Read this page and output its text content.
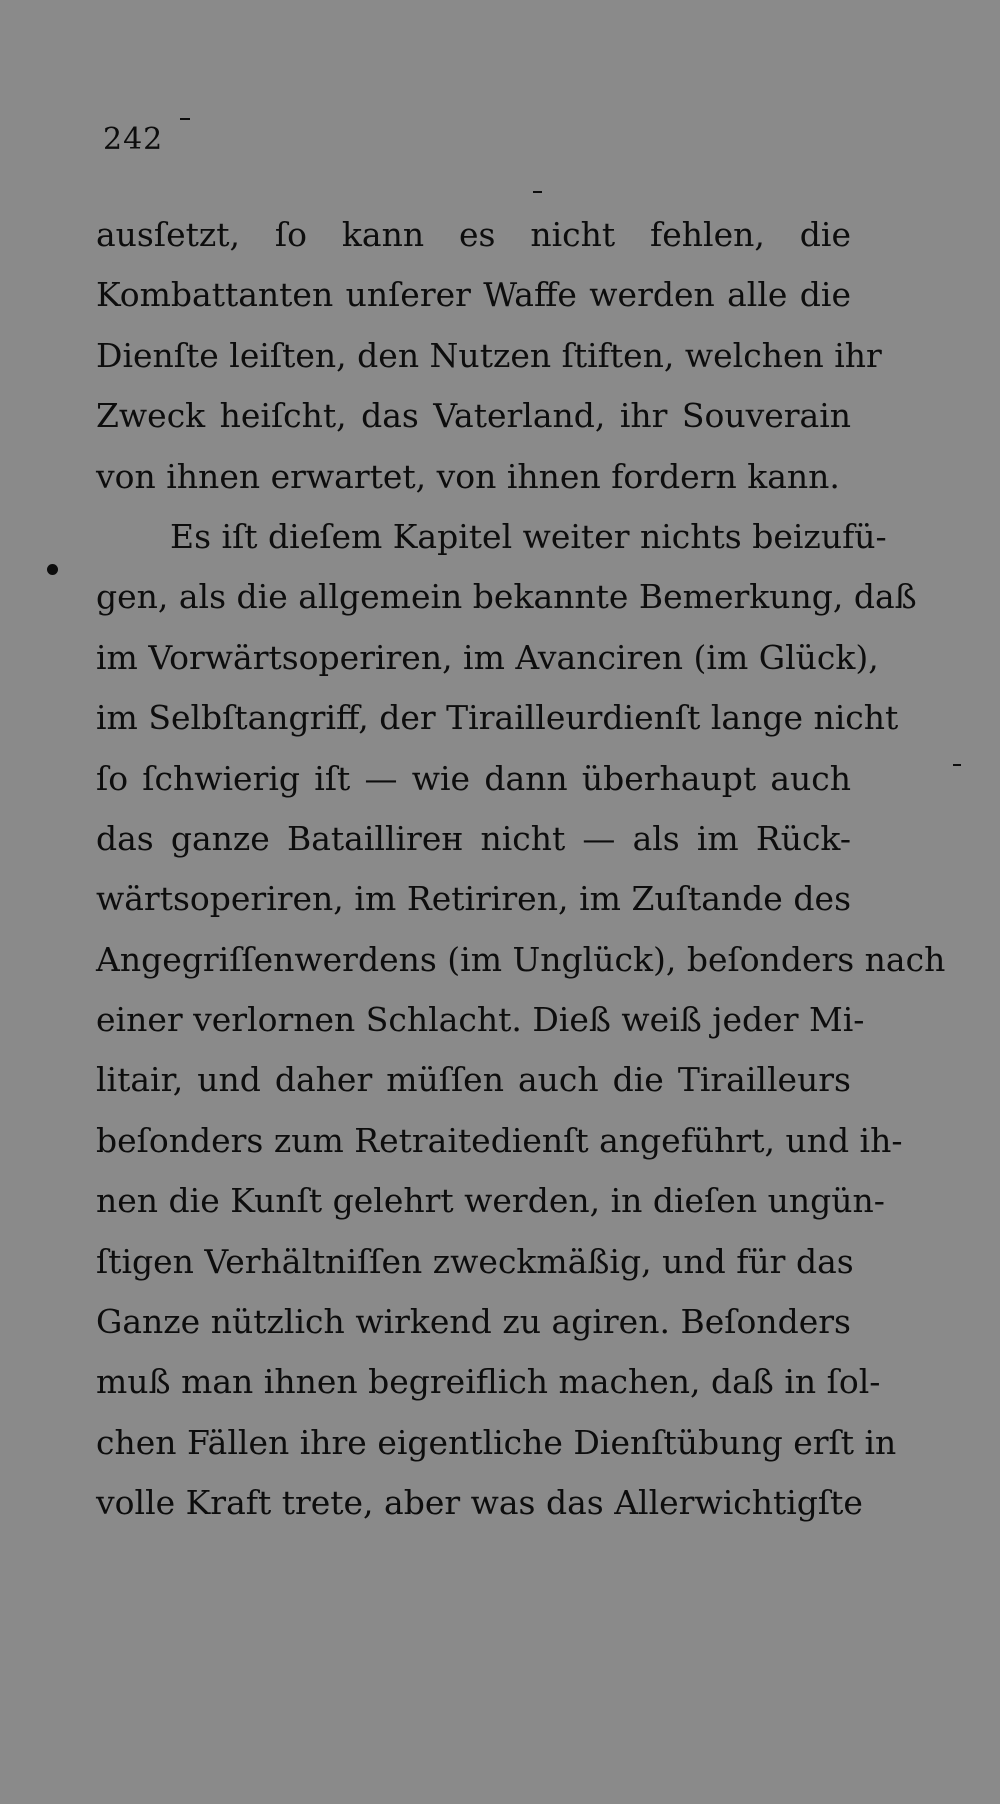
242
ausſetzt, ſo kann es nicht fehlen, die
Kombattanten unſerer Waffe werden alle die
Dienſte leiſten, den Nutzen ſtiften, welchen ihr
Zweck heiſcht, das Vaterland, ihr Souverain
von ihnen erwartet, von ihnen fordern kann.
Es iſt dieſem Kapitel weiter nichts beizufü-
gen, als die allgemein bekannte Bemerkung, daß
im Vorwärtsoperiren, im Avanciren (im Glück),
im Selbſtangriff, der Tirailleurdienſt lange nicht
ſo ſchwierig iſt — wie dann überhaupt auch
das ganze Bataillireн nicht — als im Rück-
wärtsoperiren, im Retiriren, im Zuſtande des
Angegriſſenwerdens (im Unglück), beſonders nach
einer verlornen Schlacht. Dieß weiß jeder Mi-
litair, und daher müſſen auch die Tirailleurs
beſonders zum Retraitedienſt angeführt, und ih-
nen die Kunſt gelehrt werden, in dieſen ungün-
ſtigen Verhältniſſen zweckmäßig, und für das
Ganze nützlich wirkend zu agiren. Beſonders
muß man ihnen begreiflich machen, daß in ſol-
chen Fällen ihre eigentliche Dienſtübung erſt in
volle Kraft trete, aber was das Allerwichtigſte
